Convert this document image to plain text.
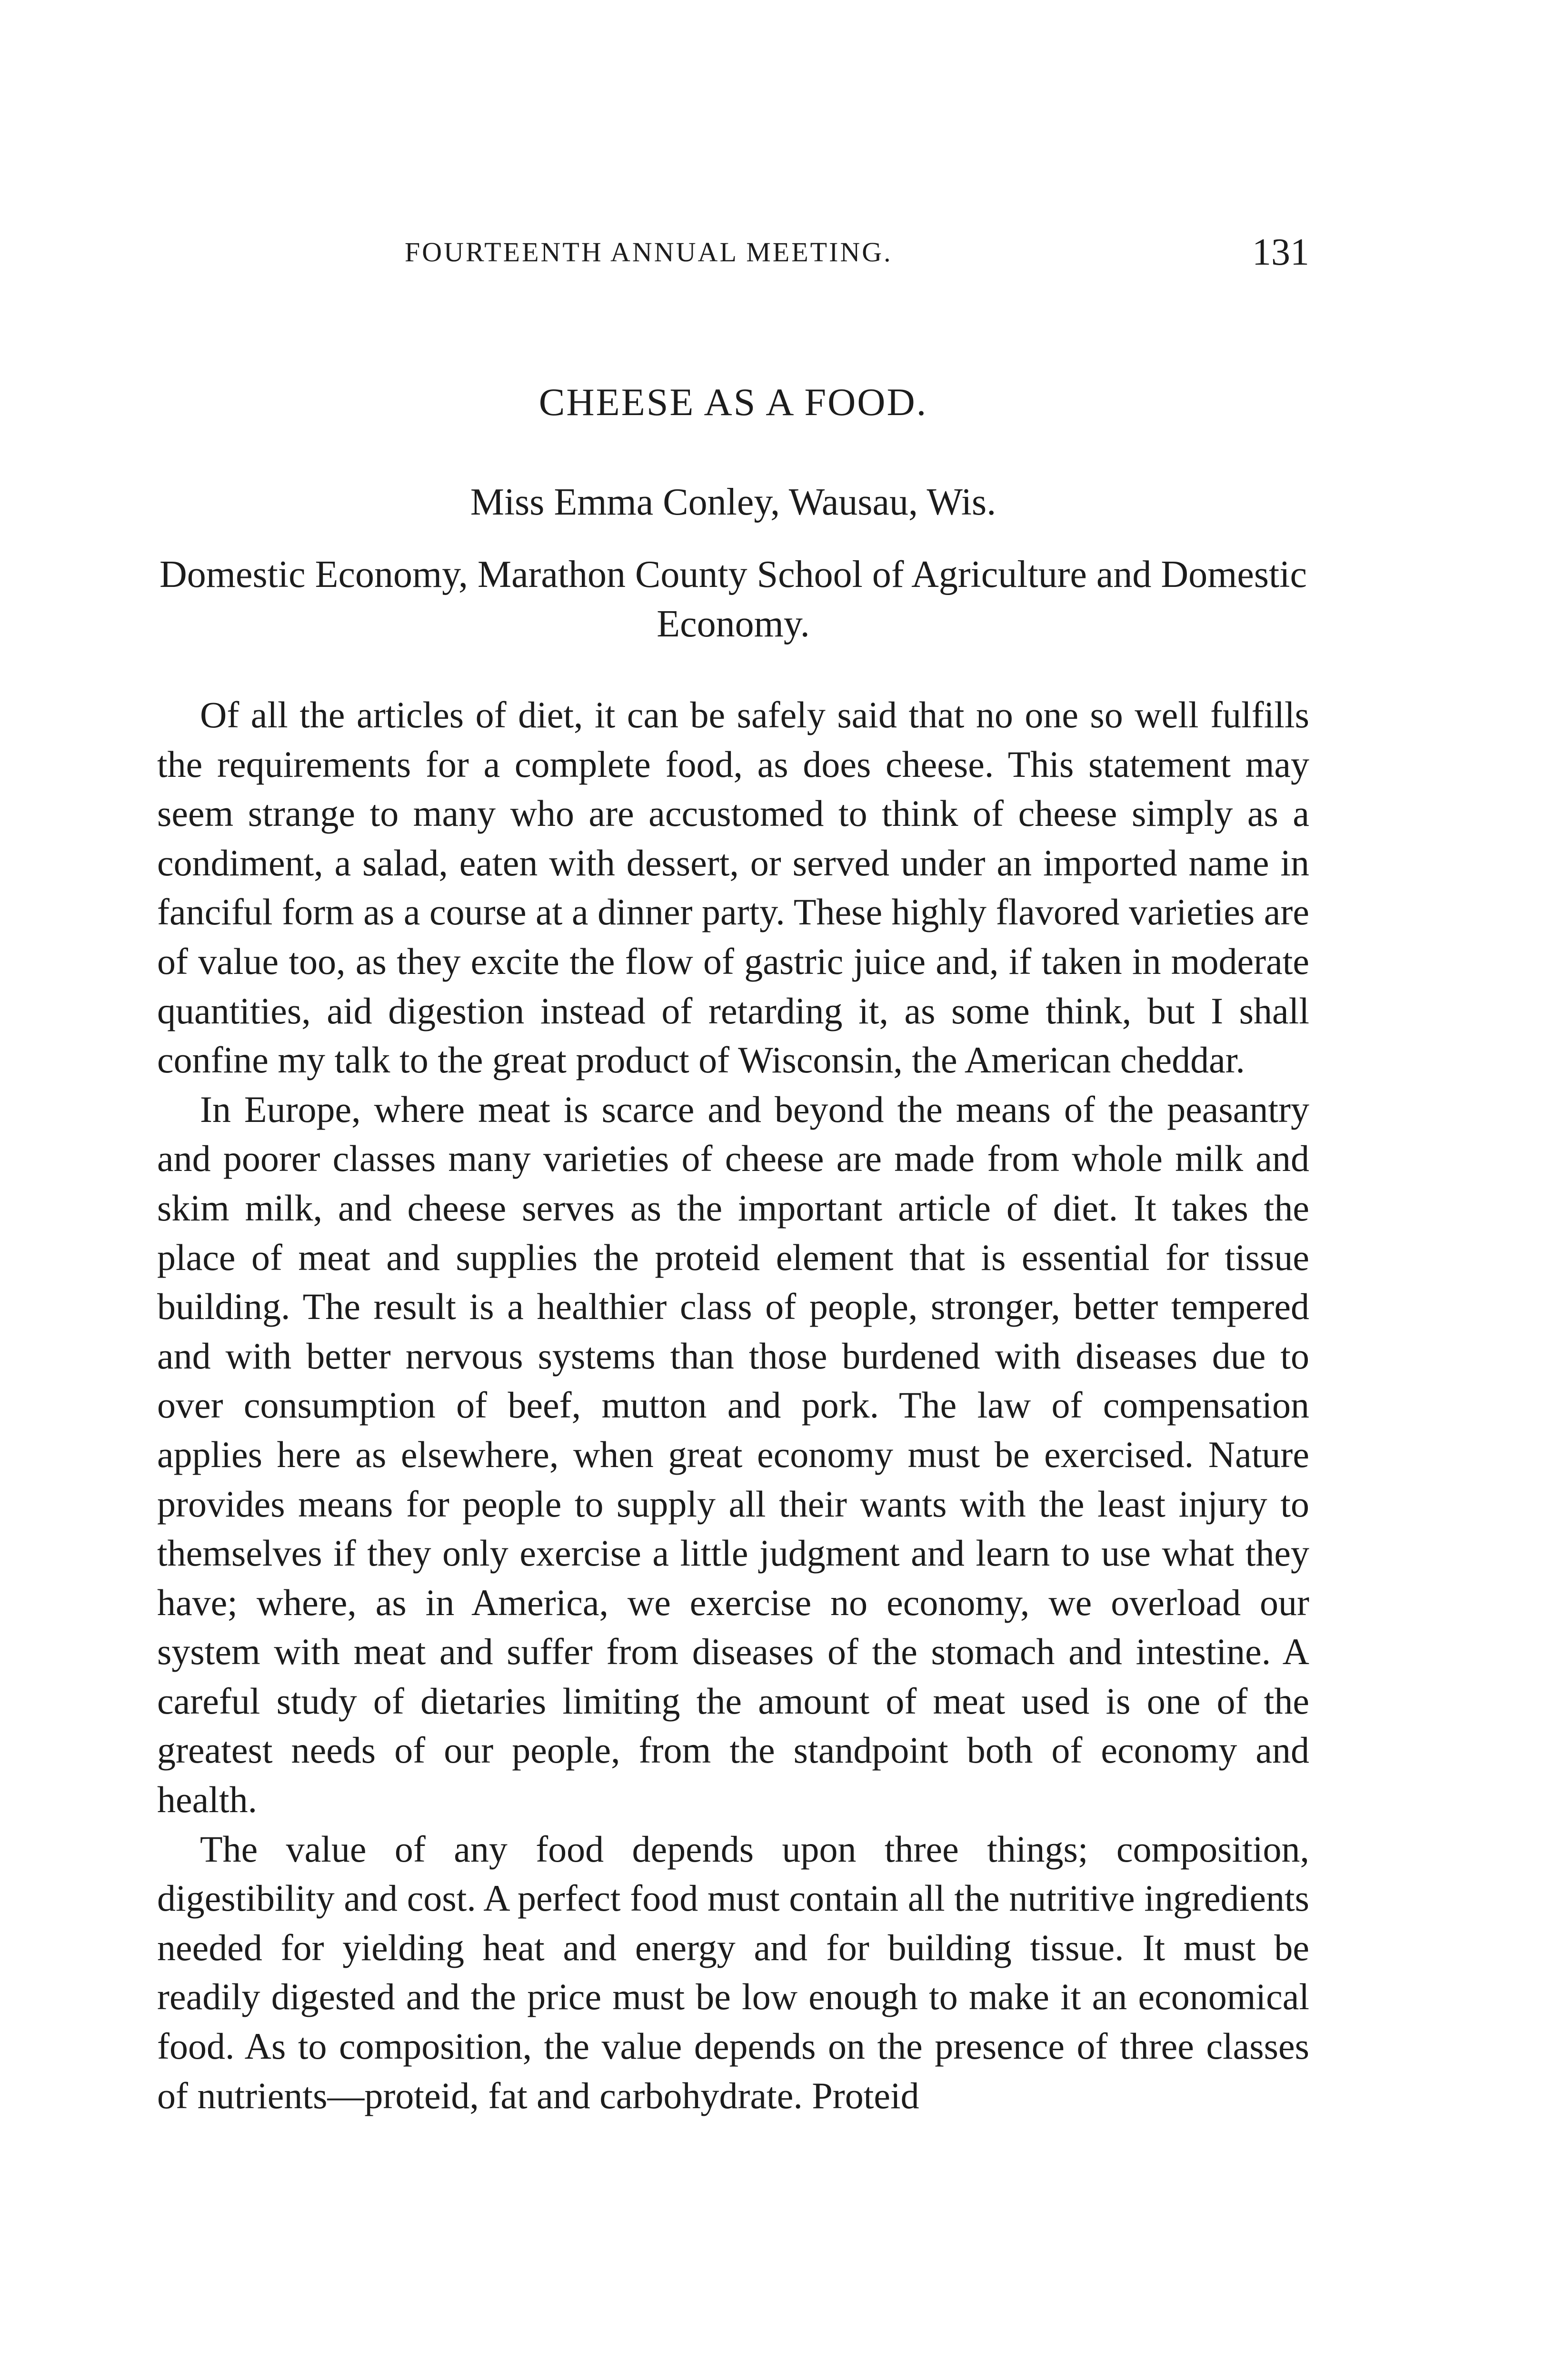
FOURTEENTH ANNUAL MEETING.	131
CHEESE AS A FOOD.
Miss Emma Conley, Wausau, Wis.
Domestic Economy, Marathon County School of Agriculture and Domestic Economy.

Of all the articles of diet, it can be safely said that no one so well fulfills the requirements for a complete food, as does cheese. This statement may seem strange to many who are accustomed to think of cheese simply as a condiment, a salad, eaten with dessert, or served under an imported name in fanciful form as a course at a dinner party. These highly flavored varieties are of value too, as they excite the flow of gastric juice and, if taken in moderate quantities, aid digestion instead of retarding it, as some think, but I shall confine my talk to the great product of Wisconsin, the American cheddar.

In Europe, where meat is scarce and beyond the means of the peasantry and poorer classes many varieties of cheese are made from whole milk and skim milk, and cheese serves as the important article of diet. It takes the place of meat and supplies the proteid element that is essential for tissue building. The result is a healthier class of people, stronger, better tempered and with better nervous systems than those burdened with diseases due to over consumption of beef, mutton and pork. The law of compensation applies here as elsewhere, when great economy must be exercised. Nature provides means for people to supply all their wants with the least injury to themselves if they only exercise a little judgment and learn to use what they have; where, as in America, we exercise no economy, we overload our system with meat and suffer from diseases of the stomach and intestine. A careful study of dietaries limiting the amount of meat used is one of the greatest needs of our people, from the standpoint both of economy and health.

The value of any food depends upon three things; composition, digestibility and cost. A perfect food must contain all the nutritive ingredients needed for yielding heat and energy and for building tissue. It must be readily digested and the price must be low enough to make it an economical food. As to composition, the value depends on the presence of three classes of nutrients—proteid, fat and carbohydrate. Proteid
